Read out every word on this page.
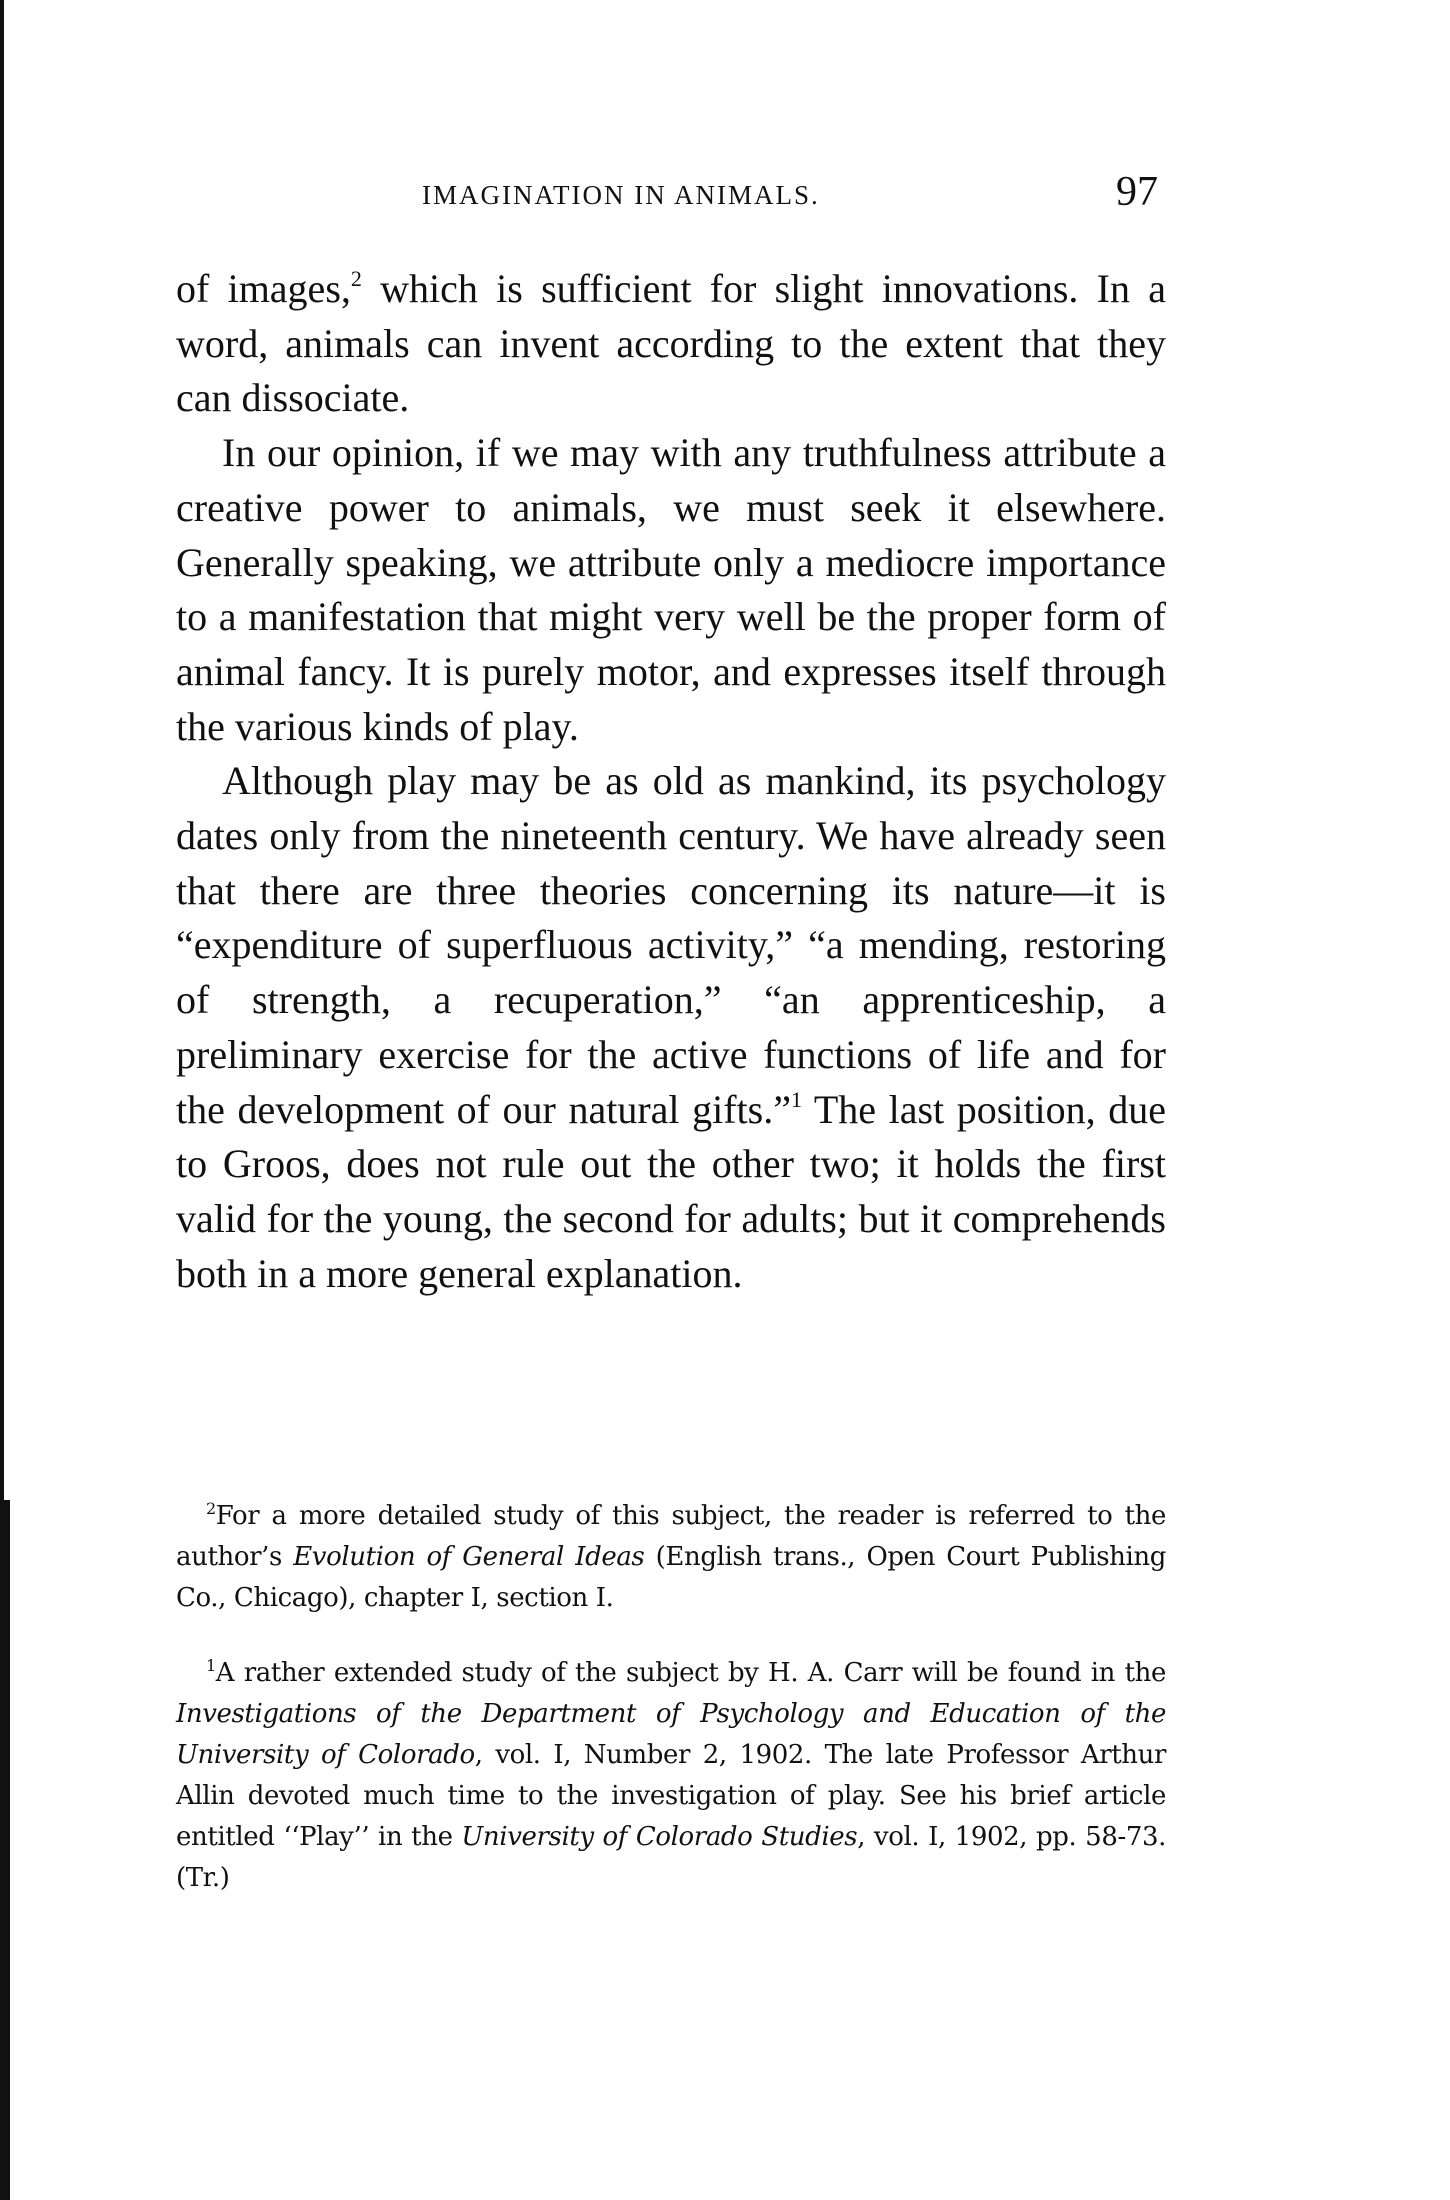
IMAGINATION IN ANIMALS.	97

of images,$^2$ which is sufficient for slight innovations. In a word, animals can invent according to the extent that they can dissociate.

In our opinion, if we may with any truthfulness attribute a creative power to animals, we must seek it elsewhere. Generally speaking, we attribute only a mediocre importance to a manifestation that might very well be the proper form of animal fancy. It is purely motor, and expresses itself through the various kinds of play.

Although play may be as old as mankind, its psychology dates only from the nineteenth century. We have already seen that there are three theories concerning its nature—it is “expenditure of superfluous activity,” “a mending, restoring of strength, a recuperation,” “an apprenticeship, a preliminary exercise for the active functions of life and for the development of our natural gifts.”$^1$ The last position, due to Groos, does not rule out the other two; it holds the first valid for the young, the second for adults; but it comprehends both in a more general explanation.

$^2$For a more detailed study of this subject, the reader is referred to the author’s Evolution of General Ideas (English trans., Open Court Publishing Co., Chicago), chapter I, section I.

$^1$A rather extended study of the subject by H. A. Carr will be found in the Investigations of the Department of Psychology and Education of the University of Colorado, vol. I, Number 2, 1902. The late Professor Arthur Allin devoted much time to the investigation of play. See his brief article entitled ‘‘Play’’ in the University of Colorado Studies, vol. I, 1902, pp. 58-73. (Tr.)
